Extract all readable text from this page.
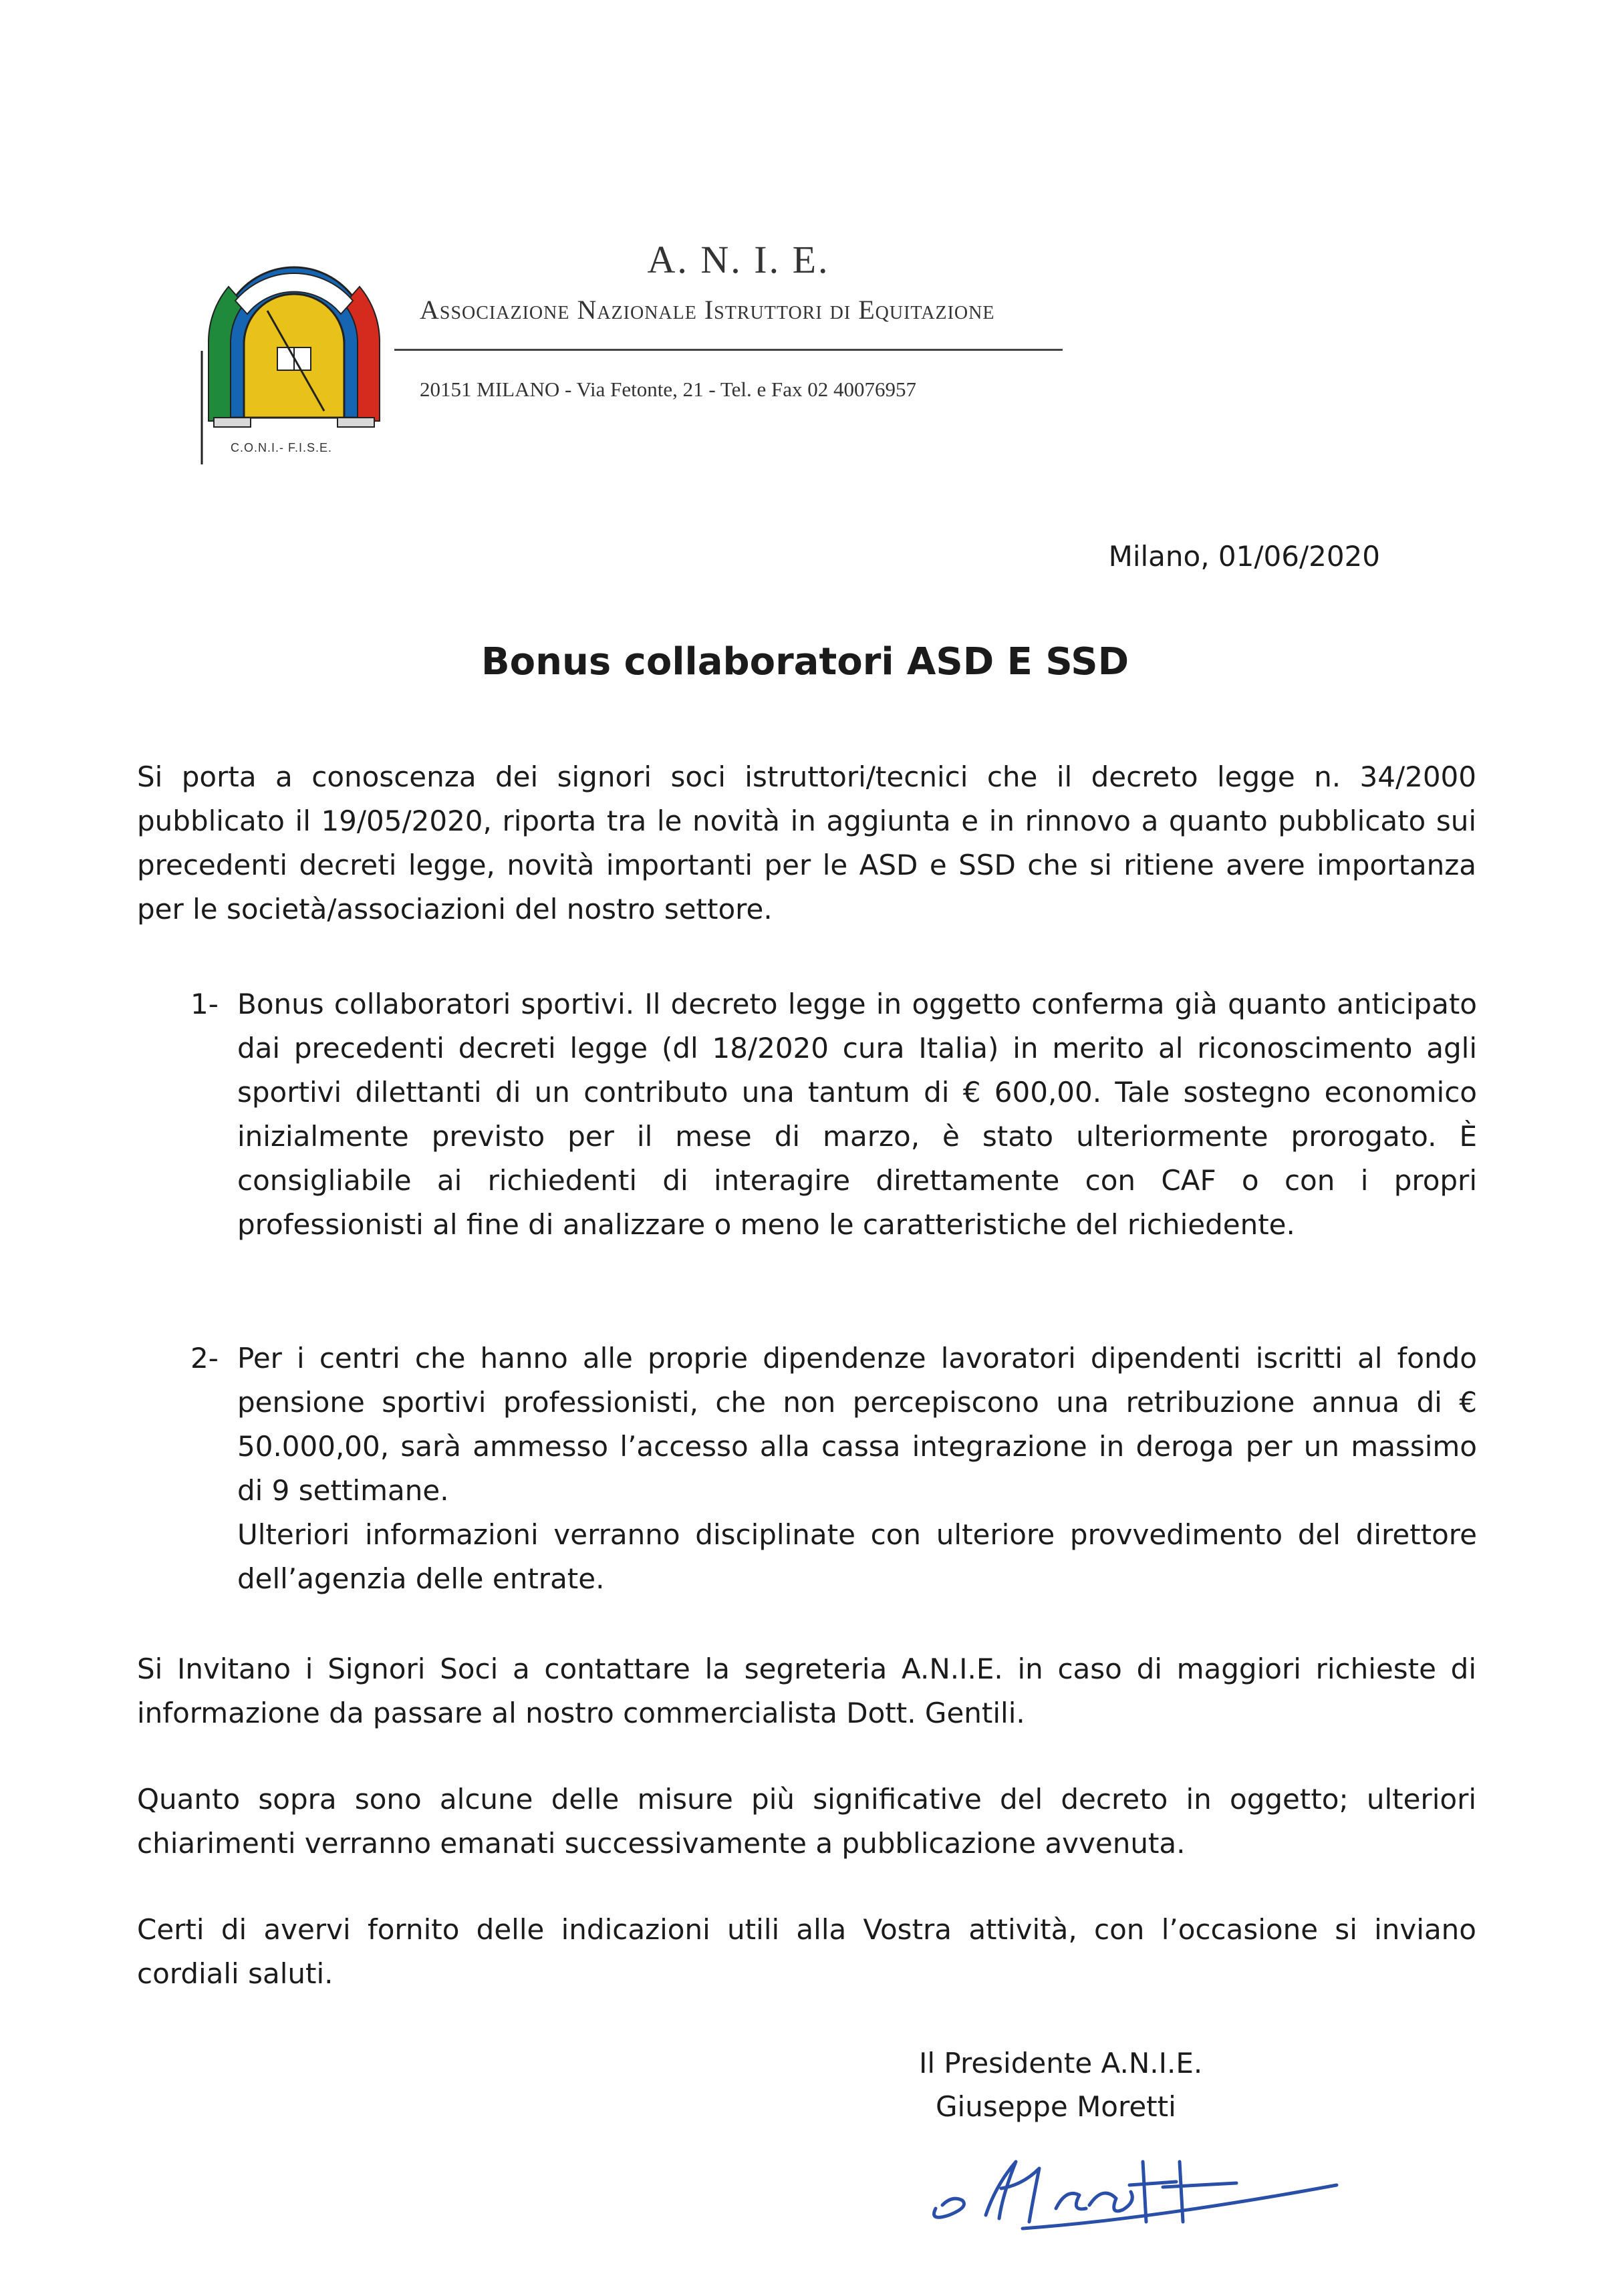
C.O.N.I.- F.I.S.E.
A. N. I. E.
Associazione Nazionale Istruttori di Equitazione
20151 MILANO - Via Fetonte, 21 - Tel. e Fax 02 40076957
Milano, 01/06/2020
Bonus collaboratori ASD E SSD
Si porta a conoscenza dei signori soci istruttori/tecnici che il decreto legge n. 34/2000 pubblicato il 19/05/2020, riporta tra le novità in aggiunta e in rinnovo a quanto pubblicato sui precedenti decreti legge, novità importanti per le ASD e SSD che si ritiene avere importanza per le società/associazioni del nostro settore.
1- Bonus collaboratori sportivi. Il decreto legge in oggetto conferma già quanto anticipato dai precedenti decreti legge (dl 18/2020 cura Italia) in merito al riconoscimento agli sportivi dilettanti di un contributo una tantum di € 600,00. Tale sostegno economico inizialmente previsto per il mese di marzo, è stato ulteriormente prorogato. È consigliabile ai richiedenti di interagire direttamente con CAF o con i propri professionisti al fine di analizzare o meno le caratteristiche del richiedente.
2- Per i centri che hanno alle proprie dipendenze lavoratori dipendenti iscritti al fondo pensione sportivi professionisti, che non percepiscono una retribuzione annua di € 50.000,00, sarà ammesso l’accesso alla cassa integrazione in deroga per un massimo di 9 settimane.
Ulteriori informazioni verranno disciplinate con ulteriore provvedimento del direttore dell’agenzia delle entrate.
Si Invitano i Signori Soci a contattare la segreteria A.N.I.E. in caso di maggiori richieste di informazione da passare al nostro commercialista Dott. Gentili.
Quanto sopra sono alcune delle misure più significative del decreto in oggetto; ulteriori chiarimenti verranno emanati successivamente a pubblicazione avvenuta.
Certi di avervi fornito delle indicazioni utili alla Vostra attività, con l’occasione si inviano cordiali saluti.
Il Presidente A.N.I.E.
Giuseppe Moretti
